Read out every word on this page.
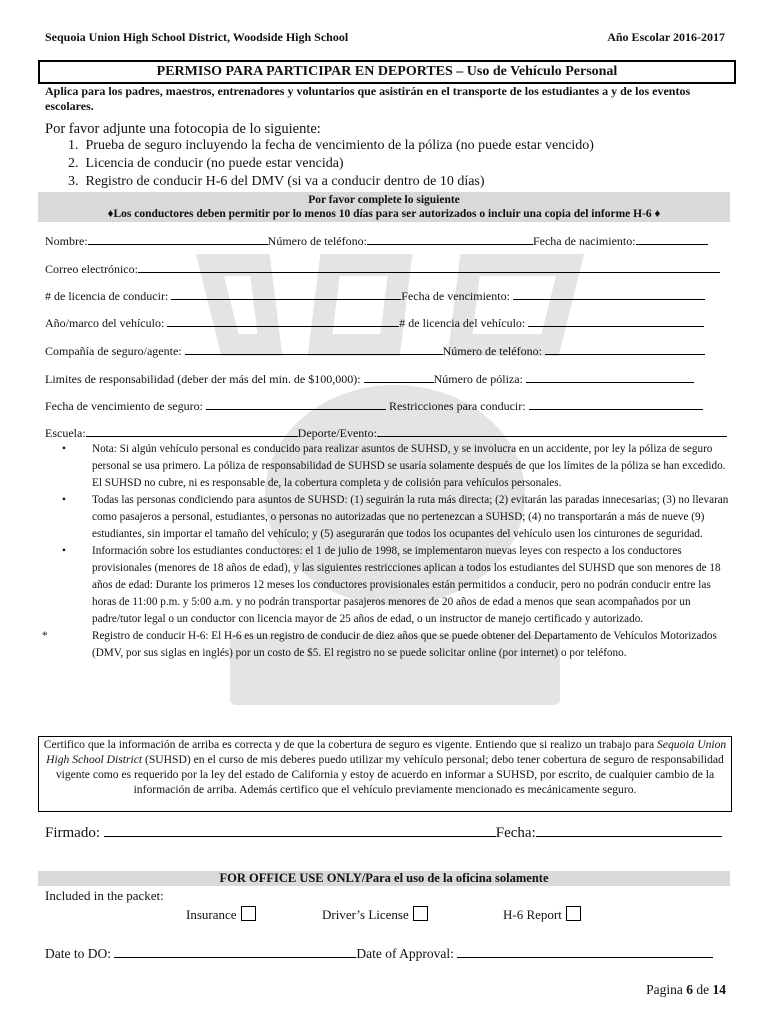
Sequoia Union High School District, Woodside High School	Año Escolar 2016-2017
PERMISO PARA PARTICIPAR EN DEPORTES – Uso de Vehículo Personal
Aplica para los padres, maestros, entrenadores y voluntarios que asistirán en el transporte de los estudiantes a y de los eventos escolares.
Por favor adjunte una fotocopia de lo siguiente:
1.  Prueba de seguro incluyendo la fecha de vencimiento de la póliza (no puede estar vencido)
2.  Licencia de conducir (no puede estar vencida)
3.  Registro de conducir H-6 del DMV (si va a conducir dentro de 10 días)
Por favor complete lo siguiente
♦Los conductores deben permitir por lo menos 10 días para ser autorizados o incluir una copia del informe H-6 ♦
Nombre:	Número de teléfono:	Fecha de nacimiento:
Correo electrónico:
# de licencia de conducir:	Fecha de vencimiento:
Año/marco del vehículo:	# de licencia del vehículo:
Compañía de seguro/agente:	Número de teléfono:
Limites de responsabilidad (deber der más del min. de $100,000):	Número de póliza:
Fecha de vencimiento de seguro:	Restricciones para conducir:
Escuela:	Deporte/Evento:
• Nota: Si algún vehículo personal es conducido para realizar asuntos de SUHSD, y se involucra en un accidente, por ley la póliza de seguro personal se usa primero. La póliza de responsabilidad de SUHSD se usaría solamente después de que los límites de la póliza se han excedido. El SUHSD no cubre, ni es responsable de, la cobertura completa y de colisión para vehículos personales.
• Todas las personas condiciendo para asuntos de SUHSD: (1) seguirán la ruta más directa; (2) evitarán las paradas innecesarias; (3) no llevaran como pasajeros a personal, estudiantes, o personas no autorizadas que no pertenezcan a SUHSD; (4) no transportarán a más de nueve (9) estudiantes, sin importar el tamaño del vehículo; y (5) asegurarán que todos los ocupantes del vehículo usen los cinturones de seguridad.
• Información sobre los estudiantes conductores: el 1 de julio de 1998, se implementaron nuevas leyes con respecto a los conductores provisionales (menores de 18 años de edad), y las siguientes restricciones aplican a todos los estudiantes del SUHSD que son menores de 18 años de edad: Durante los primeros 12 meses los conductores provisionales están permitidos a conducir, pero no podrán conducir entre las horas de 11:00 p.m. y 5:00 a.m. y no podrán transportar pasajeros menores de 20 años de edad a menos que sean acompañados por un padre/tutor legal o un conductor con licencia mayor de 25 años de edad, o un instructor de manejo certificado y autorizado.
*	Registro de conducir H-6: El H-6 es un registro de conducir de diez años que se puede obtener del Departamento de Vehículos Motorizados (DMV, por sus siglas en inglés) por un costo de $5. El registro no se puede solicitar online (por internet) o por teléfono.
Certifico que la información de arriba es correcta y de que la cobertura de seguro es vigente. Entiendo que si realizo un trabajo para Sequoia Union High School District (SUHSD) en el curso de mis deberes puedo utilizar my vehículo personal; debo tener cobertura de seguro de responsabilidad vigente como es requerido por la ley del estado de California y estoy de acuerdo en informar a SUHSD, por escrito, de cualquier cambio de la información de arriba. Además certifico que el vehículo previamente mencionado es mecánicamente seguro.
Firmado:	Fecha:
FOR OFFICE USE ONLY/Para el uso de la oficina solamente
Included in the packet:
Insurance	Driver’s License	H-6 Report
Date to DO:	Date of Approval:
Pagina 6 de 14
